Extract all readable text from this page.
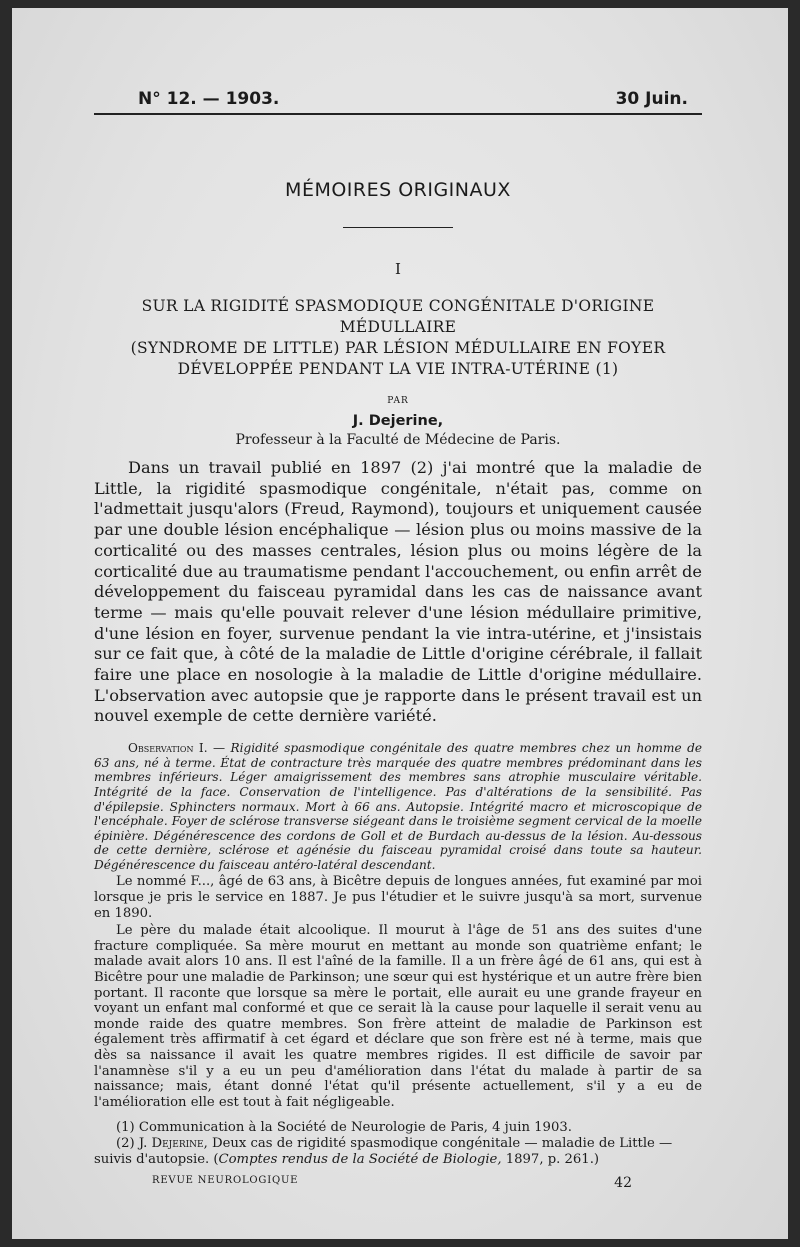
N° 12. — 1903.	30 Juin.
MÉMOIRES ORIGINAUX
I
SUR LA RIGIDITÉ SPASMODIQUE CONGÉNITALE D'ORIGINE MÉDULLAIRE
(SYNDROME DE LITTLE) PAR LÉSION MÉDULLAIRE EN FOYER
DÉVELOPPÉE PENDANT LA VIE INTRA-UTÉRINE (1)
PAR
J. Dejerine,
Professeur à la Faculté de Médecine de Paris.
Dans un travail publié en 1897 (2) j'ai montré que la maladie de Little, la rigidité spasmodique congénitale, n'était pas, comme on l'admettait jusqu'alors (Freud, Raymond), toujours et uniquement causée par une double lésion encéphalique — lésion plus ou moins massive de la corticalité ou des masses centrales, lésion plus ou moins légère de la corticalité due au traumatisme pendant l'accouchement, ou enfin arrêt de développement du faisceau pyramidal dans les cas de naissance avant terme — mais qu'elle pouvait relever d'une lésion médullaire primitive, d'une lésion en foyer, survenue pendant la vie intra-utérine, et j'insistais sur ce fait que, à côté de la maladie de Little d'origine cérébrale, il fallait faire une place en nosologie à la maladie de Little d'origine médullaire. L'observation avec autopsie que je rapporte dans le présent travail est un nouvel exemple de cette dernière variété.
Observation I. — Rigidité spasmodique congénitale des quatre membres chez un homme de 63 ans, né à terme. État de contracture très marquée des quatre membres prédominant dans les membres inférieurs. Léger amaigrissement des membres sans atrophie musculaire véritable. Intégrité de la face. Conservation de l'intelligence. Pas d'altérations de la sensibilité. Pas d'épilepsie. Sphincters normaux. Mort à 66 ans. Autopsie. Intégrité macro et microscopique de l'encéphale. Foyer de sclérose transverse siégeant dans le troisième segment cervical de la moelle épinière. Dégénérescence des cordons de Goll et de Burdach au-dessus de la lésion. Au-dessous de cette dernière, sclérose et agénésie du faisceau pyramidal croisé dans toute sa hauteur. Dégénérescence du faisceau antéro-latéral descendant.
Le nommé F..., âgé de 63 ans, à Bicêtre depuis de longues années, fut examiné par moi lorsque je pris le service en 1887. Je pus l'étudier et le suivre jusqu'à sa mort, survenue en 1890.
Le père du malade était alcoolique. Il mourut à l'âge de 51 ans des suites d'une fracture compliquée. Sa mère mourut en mettant au monde son quatrième enfant; le malade avait alors 10 ans. Il est l'aîné de la famille. Il a un frère âgé de 61 ans, qui est à Bicêtre pour une maladie de Parkinson; une sœur qui est hystérique et un autre frère bien portant. Il raconte que lorsque sa mère le portait, elle aurait eu une grande frayeur en voyant un enfant mal conformé et que ce serait là la cause pour laquelle il serait venu au monde raide des quatre membres. Son frère atteint de maladie de Parkinson est également très affirmatif à cet égard et déclare que son frère est né à terme, mais que dès sa naissance il avait les quatre membres rigides. Il est difficile de savoir par l'anamnèse s'il y a eu un peu d'amélioration dans l'état du malade à partir de sa naissance; mais, étant donné l'état qu'il présente actuellement, s'il y a eu de l'amélioration elle est tout à fait négligeable.
(1) Communication à la Société de Neurologie de Paris, 4 juin 1903.
(2) J. Dejerine, Deux cas de rigidité spasmodique congénitale — maladie de Little — suivis d'autopsie. (Comptes rendus de la Société de Biologie, 1897, p. 261.)
REVUE NEUROLOGIQUE	42
